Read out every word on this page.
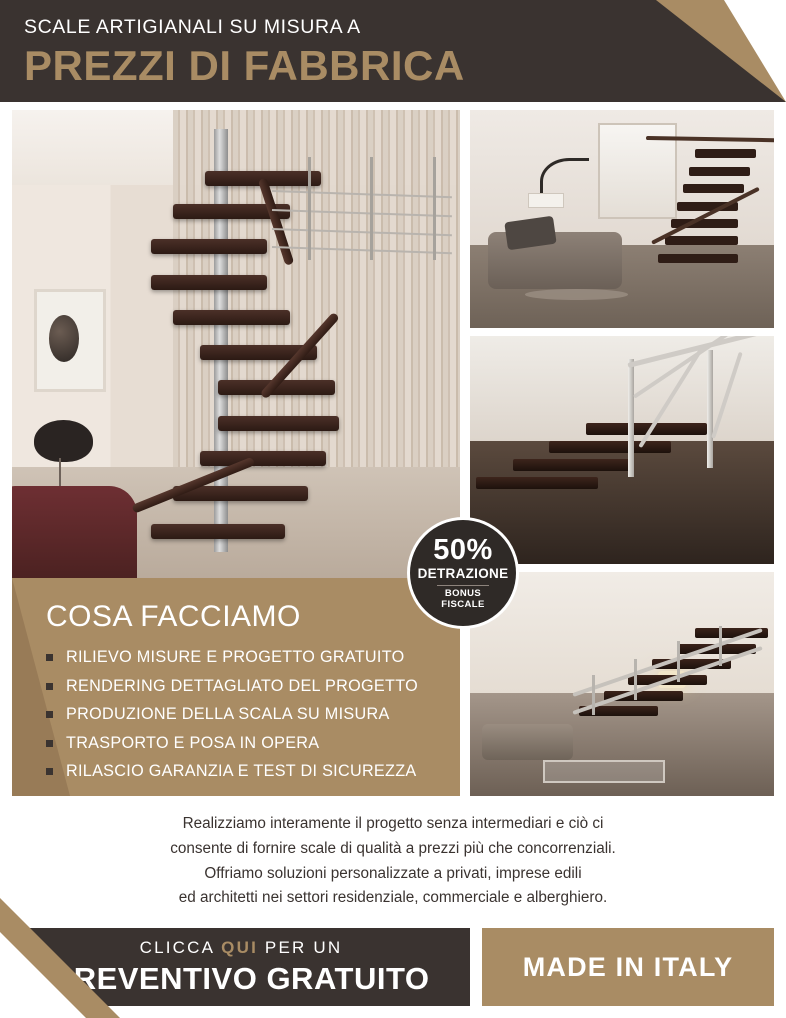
SCALE ARTIGIANALI SU MISURA A
PREZZI DI FABBRICA
50%
DETRAZIONE
BONUS
FISCALE
COSA FACCIAMO
RILIEVO MISURE E PROGETTO GRATUITO
RENDERING DETTAGLIATO DEL PROGETTO
PRODUZIONE DELLA SCALA SU MISURA
TRASPORTO E POSA IN OPERA
RILASCIO GARANZIA E TEST DI SICUREZZA
Realizziamo interamente il progetto senza intermediari e ciò ci
consente di fornire scale di qualità a prezzi più che concorrenziali.
Offriamo soluzioni personalizzate a privati, imprese edili
ed architetti nei settori residenziale, commerciale e alberghiero.
CLICCA QUI PER UN
PREVENTIVO GRATUITO	MADE IN ITALY
